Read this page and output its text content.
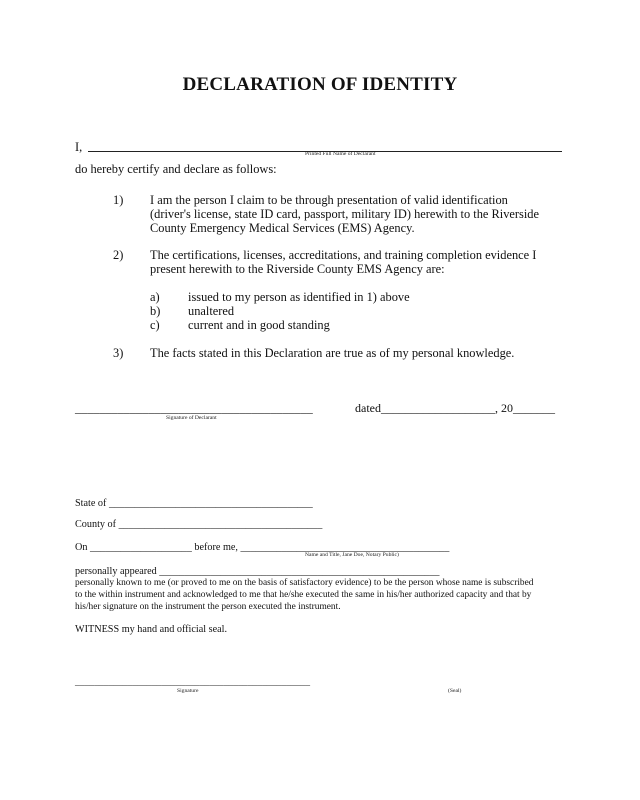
DECLARATION OF IDENTITY
I,	Printed Full Name of Declarant
do hereby certify and declare as follows:
1) I am the person I claim to be through presentation of valid identification
(driver's license, state ID card, passport, military ID) herewith to the Riverside
County Emergency Medical Services (EMS) Agency.
2) The certifications, licenses, accreditations, and training completion evidence I
present herewith to the Riverside County EMS Agency are:
a) issued to my person as identified in 1) above
b) unaltered
c) current and in good standing
3) The facts stated in this Declaration are true as of my personal knowledge.
_______________________________________
Signature of Declarant
dated___________________, 20_______
State of ________________________________________
County of ________________________________________
On ____________________ before me, _________________________________________
Name and Title, Jane Doe, Notary Public)
personally appeared _______________________________________________________
personally known to me (or proved to me on the basis of satisfactory evidence) to be the person whose name is subscribed
to the within instrument and acknowledged to me that he/she executed the same in his/her authorized capacity and that by
his/her signature on the instrument the person executed the instrument.
WITNESS my hand and official seal.
_________________________________________________
Signature	(Seal)
